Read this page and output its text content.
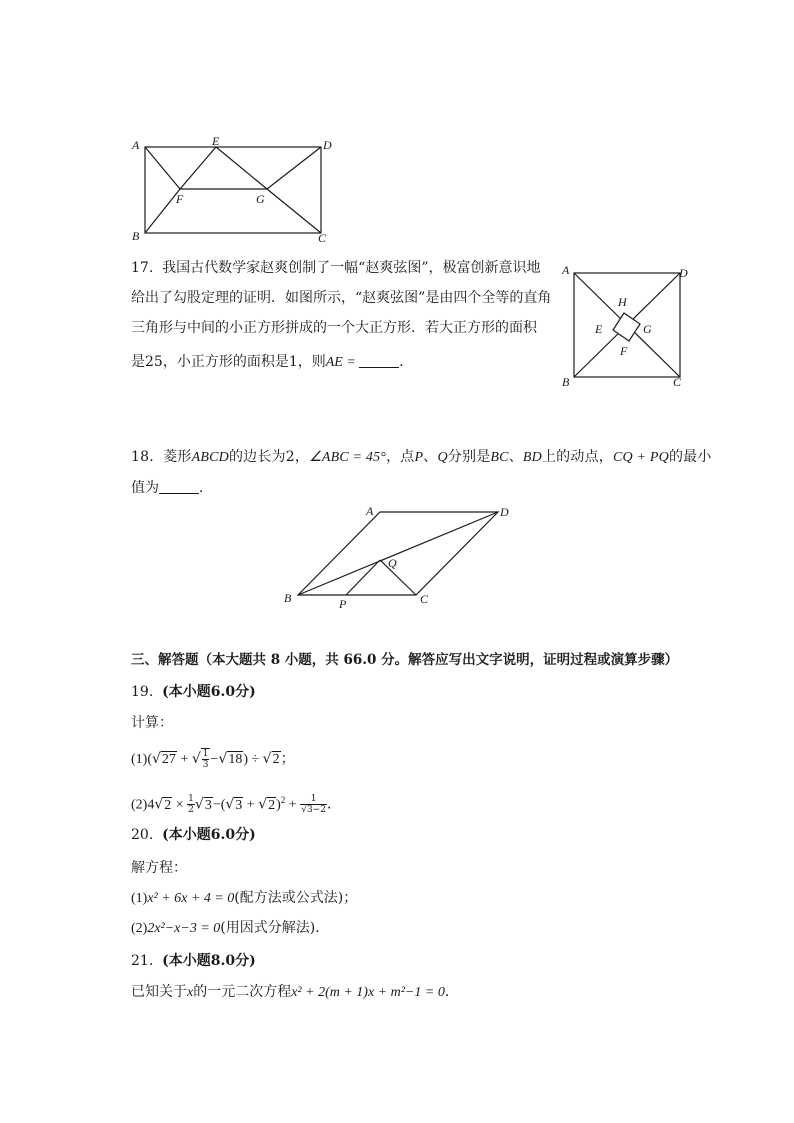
A	E	D
F	G
B	C
17. 我国古代数学家赵爽创制了一幅“赵爽弦图”，极富创新意识地
给出了勾股定理的证明．如图所示，“赵爽弦图”是由四个全等的直角
三角形与中间的小正方形拼成的一个大正方形．若大正方形的面积
是25，小正方形的面积是1，则AE =	．
A	D
H
E	G
F
B	C
18. 菱形ABCD的边长为2，∠ABC = 45°，点P、Q分别是BC、BD上的动点，CQ + PQ的最小
值为	．
A	D
Q
B	P	C
三、解答题（本大题共 8 小题，共 66.0 分。解答应写出文字说明，证明过程或演算步骤）
19. (本小题6.0分)
计算：
(1)(√27 + √ $\frac{1}{3} -√18) \div √2$；
$(2)4√2 \times \frac{1}{2} √3-(√3 + √2)^2 + \frac{1}{√3-2}$ ．
20. (本小题6.0分)
解方程：
(1)x² + 6x + 4 = 0(配方法或公式法)；
(2)2x²−x−3 = 0(用因式分解法)．
21. (本小题8.0分)
已知关于x的一元二次方程x² + 2(m + 1)x + m²−1 = 0．
